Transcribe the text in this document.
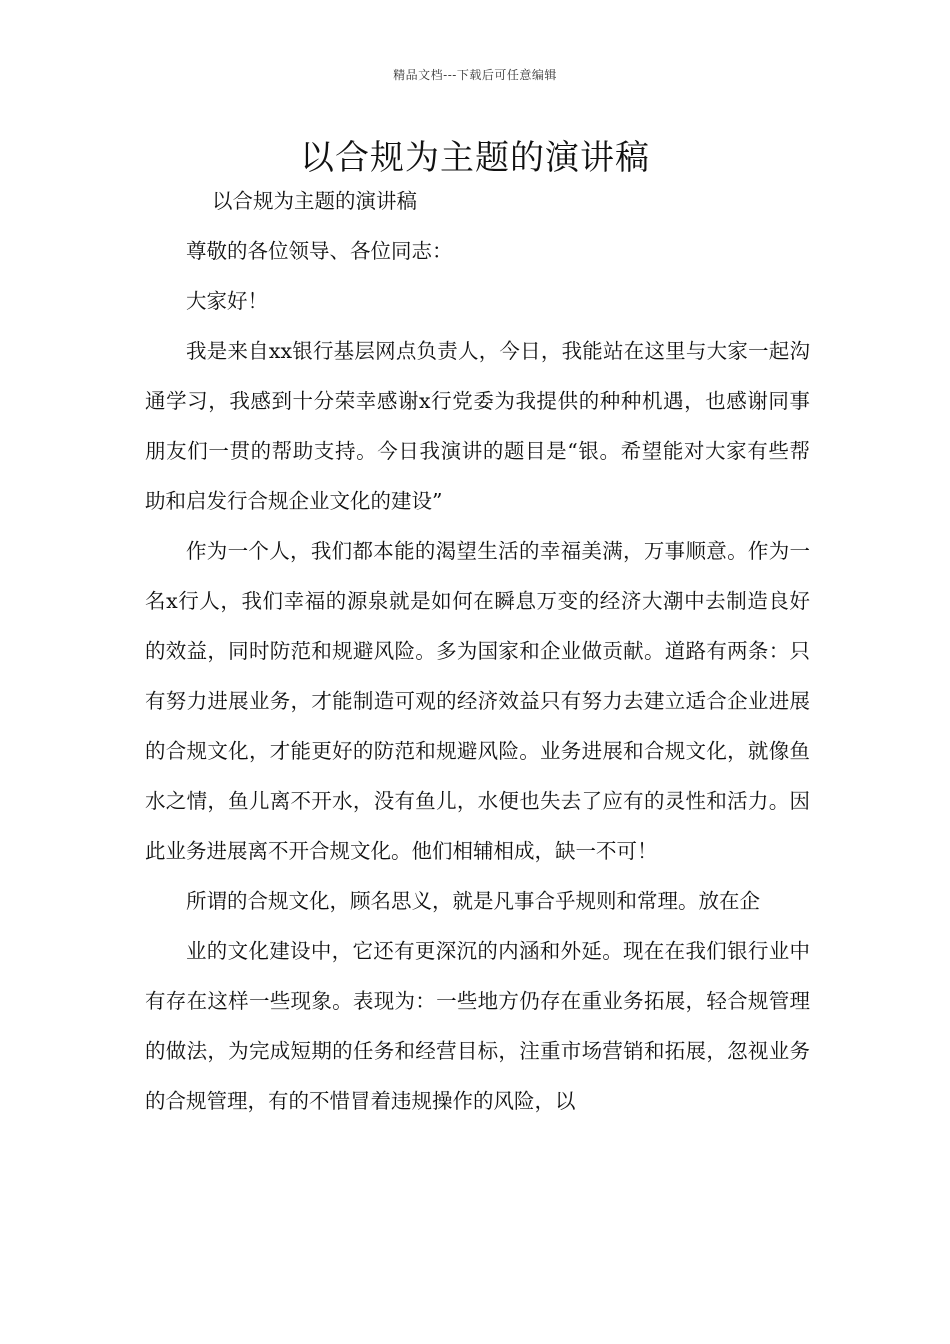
精品文档---下载后可任意编辑
以合规为主题的演讲稿

以合规为主题的演讲稿

尊敬的各位领导、各位同志：

大家好！

我是来自xx银行基层网点负责人，今日，我能站在这里与大家一起沟通学习，我感到十分荣幸感谢x行党委为我提供的种种机遇，也感谢同事朋友们一贯的帮助支持。今日我演讲的题目是“银。希望能对大家有些帮助和启发行合规企业文化的建设”

作为一个人，我们都本能的渴望生活的幸福美满，万事顺意。作为一名x行人，我们幸福的源泉就是如何在瞬息万变的经济大潮中去制造良好的效益，同时防范和规避风险。多为国家和企业做贡献。道路有两条：只有努力进展业务，才能制造可观的经济效益只有努力去建立适合企业进展的合规文化，才能更好的防范和规避风险。业务进展和合规文化，就像鱼水之情，鱼儿离不开水，没有鱼儿，水便也失去了应有的灵性和活力。因此业务进展离不开合规文化。他们相辅相成，缺一不可！

所谓的合规文化，顾名思义，就是凡事合乎规则和常理。放在企

业的文化建设中，它还有更深沉的内涵和外延。现在在我们银行业中有存在这样一些现象。表现为：一些地方仍存在重业务拓展，轻合规管理的做法，为完成短期的任务和经营目标，注重市场营销和拓展，忽视业务的合规管理，有的不惜冒着违规操作的风险，以
